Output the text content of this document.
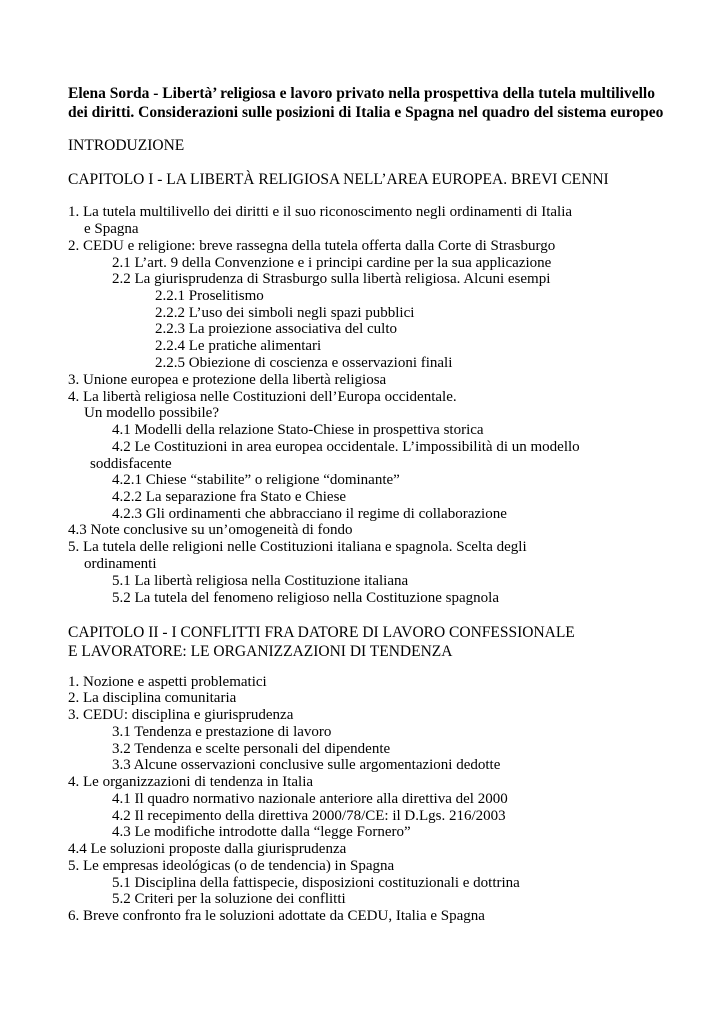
Elena Sorda - Libertà’ religiosa e lavoro privato nella prospettiva della tutela multilivello dei diritti. Considerazioni sulle posizioni di Italia e Spagna nel quadro del sistema europeo

INTRODUZIONE

CAPITOLO I - LA LIBERTÀ RELIGIOSA NELL’AREA EUROPEA. BREVI CENNI

1. La tutela multilivello dei diritti e il suo riconoscimento negli ordinamenti di Italia
e Spagna
2. CEDU e religione: breve rassegna della tutela offerta dalla Corte di Strasburgo
2.1 L’art. 9 della Convenzione e i principi cardine per la sua applicazione
2.2 La giurisprudenza di Strasburgo sulla libertà religiosa. Alcuni esempi
2.2.1 Proselitismo
2.2.2 L’uso dei simboli negli spazi pubblici
2.2.3 La proiezione associativa del culto
2.2.4 Le pratiche alimentari
2.2.5 Obiezione di coscienza e osservazioni finali
3. Unione europea e protezione della libertà religiosa
4. La libertà religiosa nelle Costituzioni dell’Europa occidentale.
Un modello possibile?
4.1 Modelli della relazione Stato-Chiese in prospettiva storica
4.2 Le Costituzioni in area europea occidentale. L’impossibilità di un modello
soddisfacente
4.2.1 Chiese “stabilite” o religione “dominante”
4.2.2 La separazione fra Stato e Chiese
4.2.3 Gli ordinamenti che abbracciano il regime di collaborazione
4.3 Note conclusive su un’omogeneità di fondo
5. La tutela delle religioni nelle Costituzioni italiana e spagnola. Scelta degli
ordinamenti
5.1 La libertà religiosa nella Costituzione italiana
5.2 La tutela del fenomeno religioso nella Costituzione spagnola

CAPITOLO II - I CONFLITTI FRA DATORE DI LAVORO CONFESSIONALE E LAVORATORE: LE ORGANIZZAZIONI DI TENDENZA

1. Nozione e aspetti problematici
2. La disciplina comunitaria
3. CEDU: disciplina e giurisprudenza
3.1 Tendenza e prestazione di lavoro
3.2 Tendenza e scelte personali del dipendente
3.3 Alcune osservazioni conclusive sulle argomentazioni dedotte
4. Le organizzazioni di tendenza in Italia
4.1 Il quadro normativo nazionale anteriore alla direttiva del 2000
4.2 Il recepimento della direttiva 2000/78/CE: il D.Lgs. 216/2003
4.3 Le modifiche introdotte dalla “legge Fornero”
4.4 Le soluzioni proposte dalla giurisprudenza
5. Le empresas ideológicas (o de tendencia) in Spagna
5.1 Disciplina della fattispecie, disposizioni costituzionali e dottrina
5.2 Criteri per la soluzione dei conflitti
6. Breve confronto fra le soluzioni adottate da CEDU, Italia e Spagna
